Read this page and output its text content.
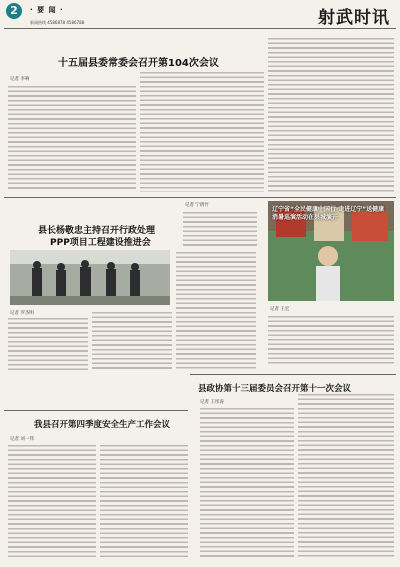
2	· 要 闻 ·
新闻热线 4586878 4586788	射武时讯
十五届县委常委会召开第104次会议
记者 李响
县长杨敬忠主持召开行政处理
PPP项目工程建设推进会
记者 罗杰明
记者 宁倩竹
辽宁省“全民健康中国行·走进辽宁”送健康消暑巡演活动在县城演开
记者 王宏
县政协第十三届委员会召开第十一次会议
记者 王彤涛
我县召开第四季度安全生产工作会议
记者 刘一伟
